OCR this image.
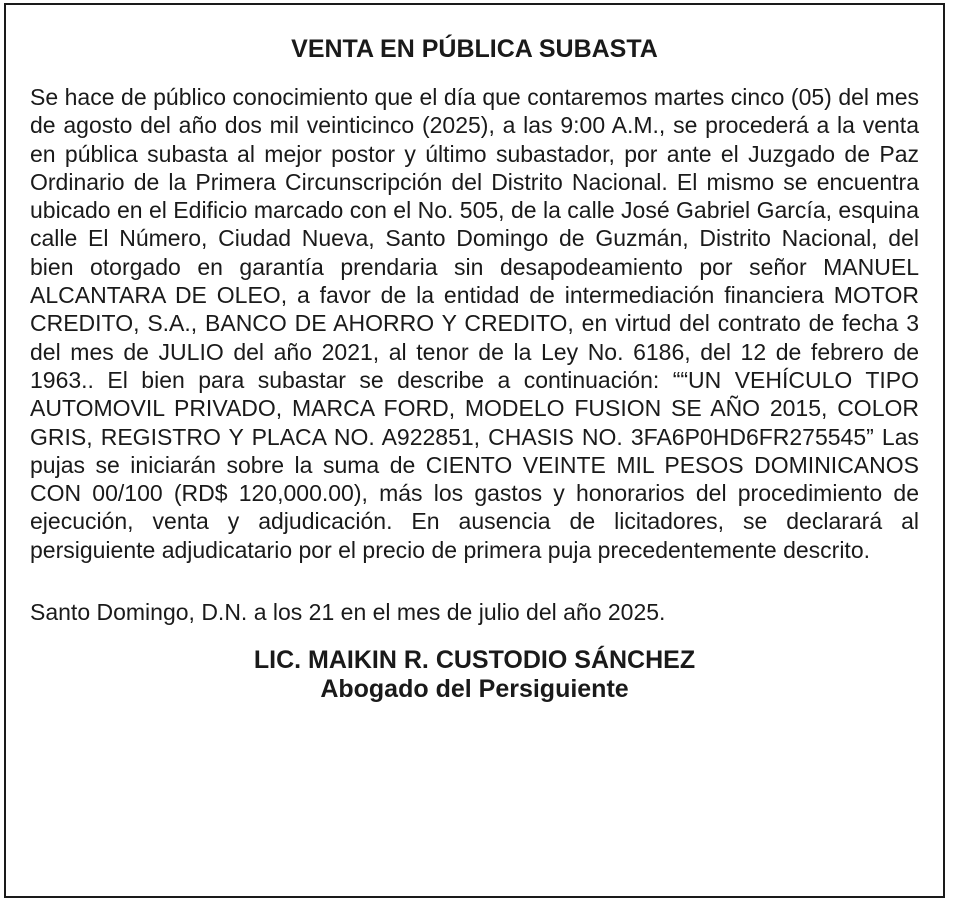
VENTA EN PÚBLICA SUBASTA

Se hace de público conocimiento que el día que contaremos martes cinco (05) del mes de agosto del año dos mil veinticinco (2025), a las 9:00 A.M., se procederá a la venta en pública subasta al mejor postor y último subastador, por ante el Juzgado de Paz Ordinario de la Primera Circunscripción del Distrito Nacional. El mismo se encuentra ubicado en el Edificio marcado con el No. 505, de la calle José Gabriel García, esquina calle El Número, Ciudad Nueva, Santo Domingo de Guzmán, Distrito Nacional, del bien otorgado en garantía prendaria sin desapodeamiento por señor MANUEL ALCANTARA DE OLEO, a favor de la entidad de intermediación financiera MOTOR CREDITO, S.A., BANCO DE AHORRO Y CREDITO, en virtud del contrato de fecha 3 del mes de JULIO del año 2021, al tenor de la Ley No. 6186, del 12 de febrero de 1963.. El bien para subastar se describe a continuación: ““UN VEHÍCULO TIPO AUTOMOVIL PRIVADO, MARCA FORD, MODELO FUSION SE AÑO 2015, COLOR GRIS, REGISTRO Y PLACA NO. A922851, CHASIS NO. 3FA6P0HD6FR275545” Las pujas se iniciarán sobre la suma de CIENTO VEINTE MIL PESOS DOMINICANOS CON 00/100 (RD$ 120,000.00), más los gastos y honorarios del procedimiento de ejecución, venta y adjudicación. En ausencia de licitadores, se declarará al persiguiente adjudicatario por el precio de primera puja precedentemente descrito.

Santo Domingo, D.N. a los 21 en el mes de julio del año 2025.

LIC. MAIKIN R. CUSTODIO SÁNCHEZ
Abogado del Persiguiente
